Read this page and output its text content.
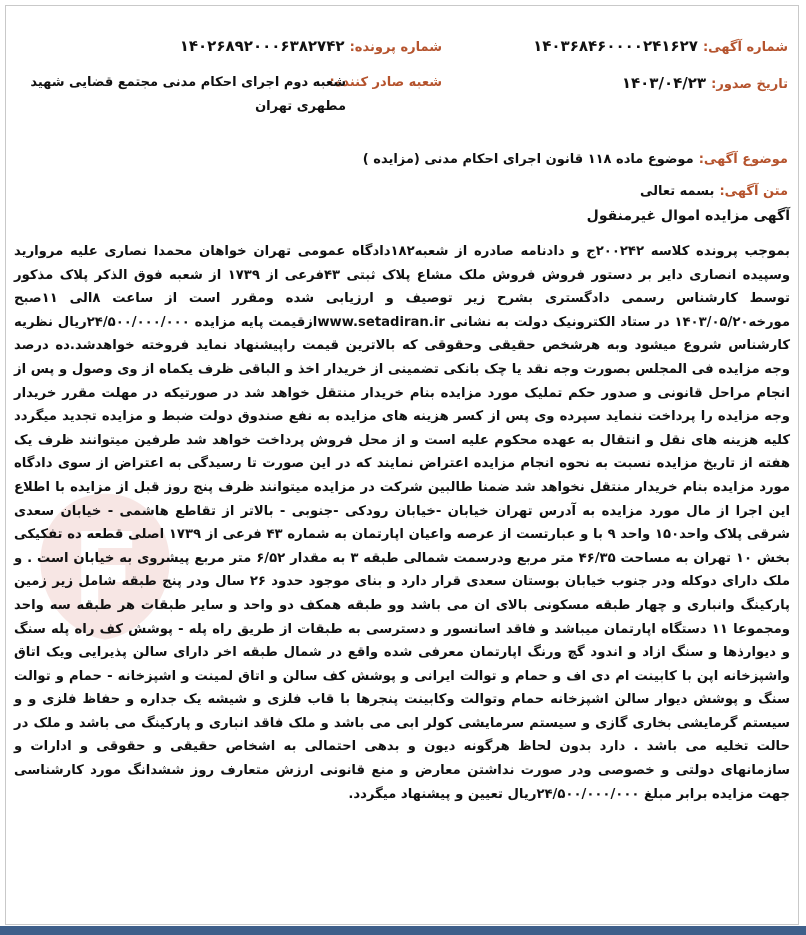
شماره آگهی: ۱۴۰۳۶۸۴۶۰۰۰۰۲۴۱۶۲۷
شماره پرونده: ۱۴۰۲۶۸۹۲۰۰۰۶۳۸۲۷۴۲
تاریخ صدور: ۱۴۰۳/۰۴/۲۳
شعبه صادر کننده:
شعبه دوم اجرای احکام مدنی مجتمع قضایی شهید مطهری تهران
موضوع آگهی: موضوع ماده ۱۱۸ قانون اجرای احکام مدنی (مزایده )
متن آگهی: بسمه تعالی
آگهی مزایده اموال غیرمنقول
بموجب پرونده کلاسه ۲۰۰۲۴۲ج و دادنامه صادره از شعبه۱۸۲دادگاه عمومی تهران خواهان محمدا نصاری علیه مروارید وسپیده انصاری دایر بر دستور فروش فروش ملک مشاع پلاک ثبتی ۴۳فرعی از ۱۷۳۹ از شعبه فوق الذکر پلاک مذکور توسط کارشناس رسمی دادگستری بشرح زیر توصیف و ارزیابی شده ومقرر است از ساعت ۸الی ۱۱صبح مورخه۱۴۰۳/۰۵/۲۰ در ستاد الکترونیک دولت به نشانی www.setadiran.irازقیمت پایه مزایده ۲۴/۵۰۰/۰۰۰/۰۰۰ریال نظریه کارشناس شروع میشود وبه هرشخص حقیقی وحقوقی که بالاترین قیمت راپیشنهاد نماید فروخته خواهدشد.ده درصد وجه مزایده فی المجلس بصورت وجه نقد یا چک بانکی تضمینی از خریدار اخذ و الباقی ظرف یکماه از وی وصول و پس از انجام مراحل قانونی و صدور حکم تملیک مورد مزایده بنام خریدار منتقل خواهد شد در صورتیکه در مهلت مقرر خریدار وجه مزایده را پرداخت ننماید سپرده وی پس از کسر هزینه های مزایده به نفع صندوق دولت ضبط و مزایده تجدید میگردد کلیه هزینه های نقل و انتقال به عهده محکوم علیه است و از محل فروش پرداخت خواهد شد طرفین میتوانند ظرف یک هفته از تاریخ مزایده نسبت به نحوه انجام مزایده اعتراض نمایند که در این صورت تا رسیدگی به اعتراض از سوی دادگاه مورد مزایده بنام خریدار منتقل نخواهد شد ضمنا طالبین شرکت در مزایده میتوانند ظرف پنج روز قبل از مزایده با اطلاع این اجرا از مال مورد مزایده به آدرس تهران خیابان -خیابان رودکی -جنوبی - بالاتر از تقاطع هاشمی - خیابان سعدی شرقی پلاک واحد۱۵۰ واحد ۹ با و عبارتست از عرصه واعیان اپارتمان به شماره ۴۳ فرعی از ۱۷۳۹ اصلی قطعه ده تفکیکی بخش ۱۰ تهران به مساحت ۴۶/۳۵ متر مربع ودرسمت شمالی طبقه ۳ به مقدار ۶/۵۲ متر مربع پیشروی به خیابان است . و ملک دارای دوکله ودر جنوب خیابان بوستان سعدی قرار دارد و بنای موجود حدود ۲۶ سال ودر پنج طبقه شامل زیر زمین پارکینگ وانباری و چهار طبقه مسکونی بالای ان می باشد وو طبقه همکف دو واحد و سایر طبقات هر طبقه سه واحد ومجموعا ۱۱ دستگاه اپارتمان میباشد و فاقد اسانسور و دسترسی به طبقات از طریق راه پله - پوشش کف راه پله سنگ و دیوارذها و سنگ ازاد و اندود گچ ورنگ اپارتمان معرفی شده واقع در شمال طبقه اخر دارای سالن پذیرایی ویک اتاق واشپزخانه اپن با کابینت ام دی اف و حمام و توالت ایرانی و پوشش کف سالن و اتاق لمینت و اشپزخانه - حمام و توالت سنگ و پوشش دیوار سالن اشپزخانه حمام وتوالت وکابینت پنجرها با قاب فلزی و شیشه یک جداره و حفاظ فلزی و و سیستم گرمایشی بخاری گازی و سیستم سرمایشی کولر ابی می باشد و ملک فاقد انباری و پارکینگ می باشد و ملک در حالت تخلیه می باشد . دارد بدون لحاظ هرگونه دیون و بدهی احتمالی به اشخاص حقیقی و حقوقی و ادارات و سازمانهای دولتی و خصوصی ودر صورت نداشتن معارض و منع قانونی ارزش متعارف روز ششدانگ مورد کارشناسی جهت مزایده برابر مبلغ ۲۴/۵۰۰/۰۰۰/۰۰۰ریال تعیین و پیشنهاد میگردد.
